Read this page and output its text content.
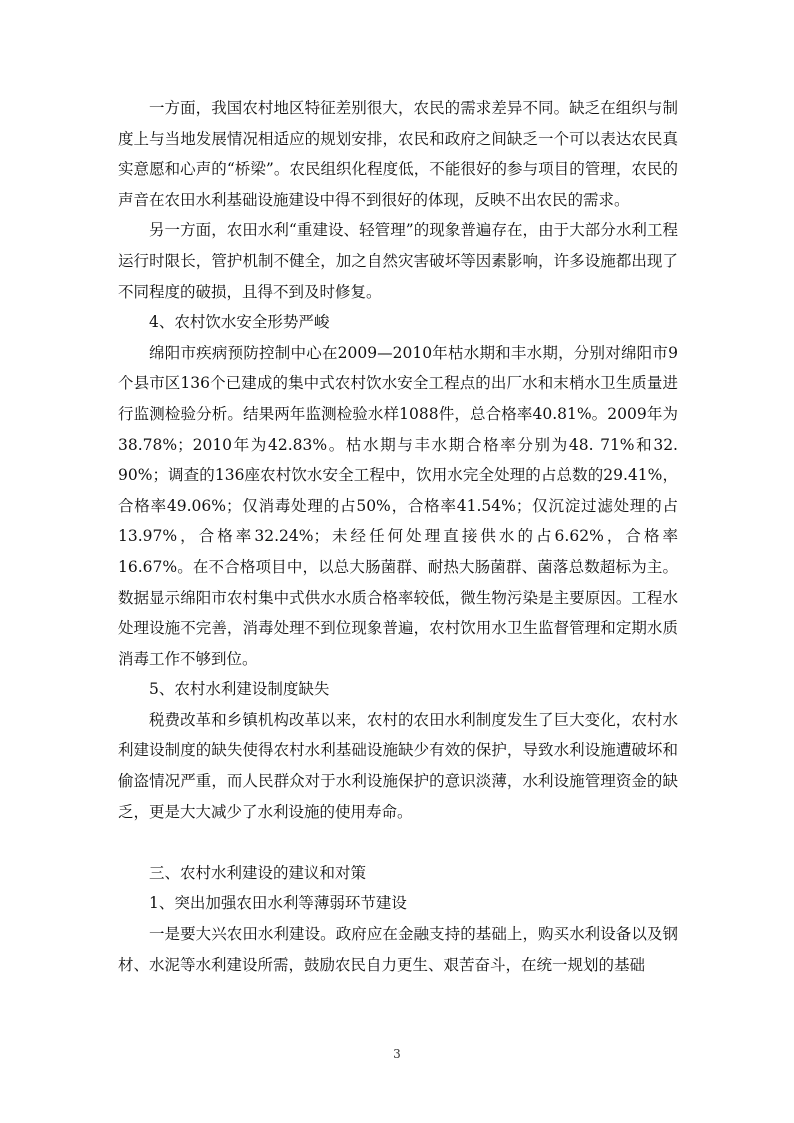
一方面，我国农村地区特征差别很大，农民的需求差异不同。缺乏在组织与制度上与当地发展情况相适应的规划安排，农民和政府之间缺乏一个可以表达农民真实意愿和心声的“桥梁”。农民组织化程度低，不能很好的参与项目的管理，农民的声音在农田水利基础设施建设中得不到很好的体现，反映不出农民的需求。

另一方面，农田水利“重建设、轻管理”的现象普遍存在，由于大部分水利工程运行时限长，管护机制不健全，加之自然灾害破坏等因素影响，许多设施都出现了不同程度的破损，且得不到及时修复。

4、农村饮水安全形势严峻

绵阳市疾病预防控制中心在2009—2010年枯水期和丰水期，分别对绵阳市9个县市区136个已建成的集中式农村饮水安全工程点的出厂水和末梢水卫生质量进行监测检验分析。结果两年监测检验水样1088件，总合格率40.81%。2009年为38.78%；2010年为42.83%。枯水期与丰水期合格率分别为48. 71%和32. 90%；调查的136座农村饮水安全工程中，饮用水完全处理的占总数的29.41%，合格率49.06%；仅消毒处理的占50%，合格率41.54%；仅沉淀过滤处理的占13.97%，合格率32.24%；未经任何处理直接供水的占6.62%，合格率16.67%。在不合格项目中，以总大肠菌群、耐热大肠菌群、菌落总数超标为主。数据显示绵阳市农村集中式供水水质合格率较低，微生物污染是主要原因。工程水处理设施不完善，消毒处理不到位现象普遍，农村饮用水卫生监督管理和定期水质消毒工作不够到位。

5、农村水利建设制度缺失

税费改革和乡镇机构改革以来，农村的农田水利制度发生了巨大变化，农村水利建设制度的缺失使得农村水利基础设施缺少有效的保护，导致水利设施遭破坏和偷盗情况严重，而人民群众对于水利设施保护的意识淡薄，水利设施管理资金的缺乏，更是大大减少了水利设施的使用寿命。

三、农村水利建设的建议和对策

1、突出加强农田水利等薄弱环节建设

一是要大兴农田水利建设。政府应在金融支持的基础上，购买水利设备以及钢材、水泥等水利建设所需，鼓励农民自力更生、艰苦奋斗，在统一规划的基础

3
